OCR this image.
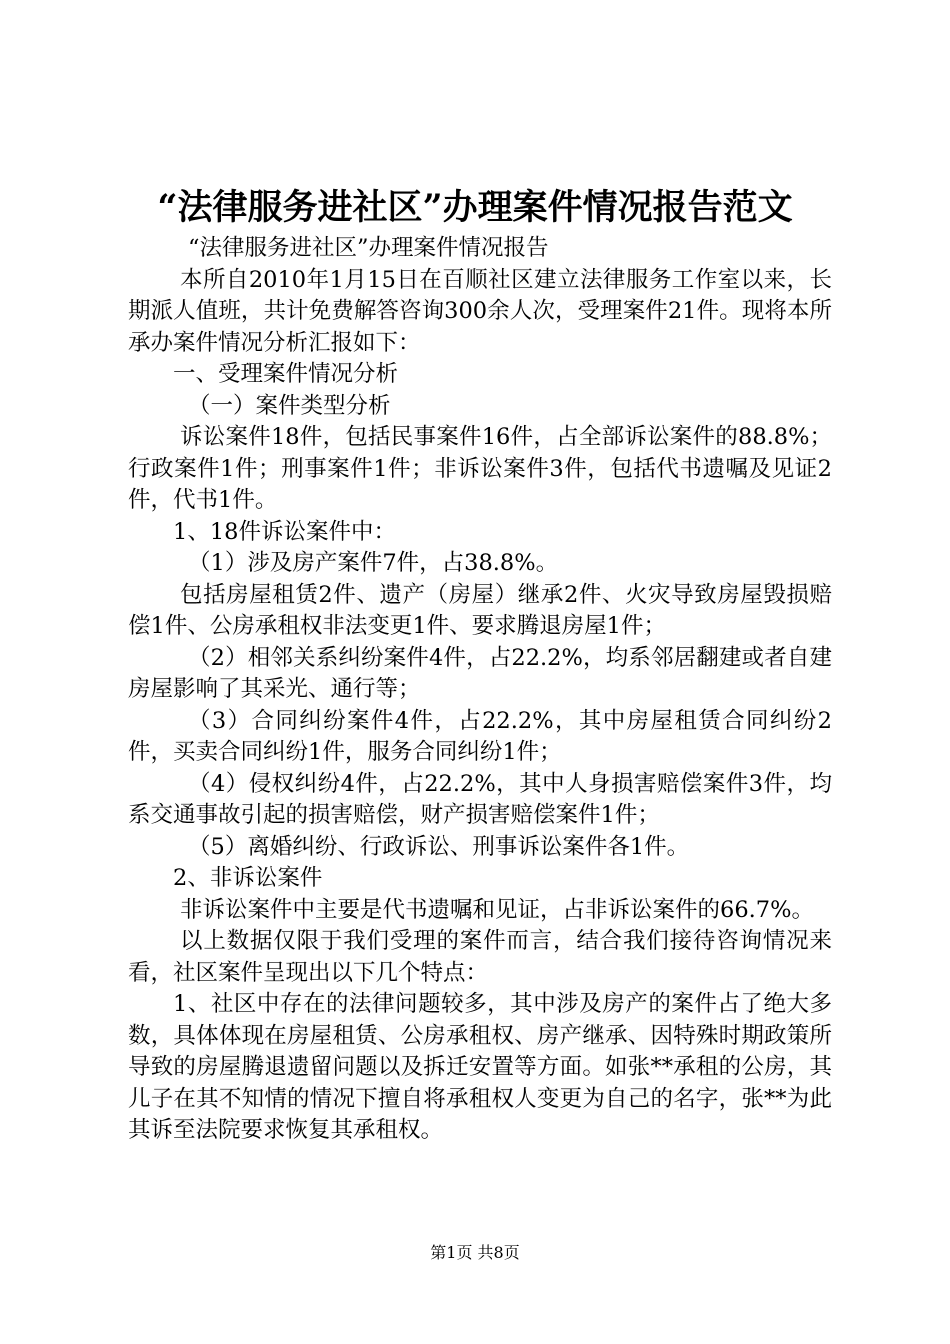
“法律服务进社区”办理案件情况报告范文

“法律服务进社区”办理案件情况报告

本所自2010年1月15日在百顺社区建立法律服务工作室以来，长期派人值班，共计免费解答咨询300余人次，受理案件21件。现将本所承办案件情况分析汇报如下：

一、受理案件情况分析

（一）案件类型分析

诉讼案件18件，包括民事案件16件，占全部诉讼案件的88.8%；行政案件1件；刑事案件1件；非诉讼案件3件，包括代书遗嘱及见证2件，代书1件。

1、18件诉讼案件中：

（1）涉及房产案件7件，占38.8%。

包括房屋租赁2件、遗产（房屋）继承2件、火灾导致房屋毁损赔偿1件、公房承租权非法变更1件、要求腾退房屋1件；

（2）相邻关系纠纷案件4件，占22.2%，均系邻居翻建或者自建房屋影响了其采光、通行等；

（3）合同纠纷案件4件，占22.2%，其中房屋租赁合同纠纷2件，买卖合同纠纷1件，服务合同纠纷1件；

（4）侵权纠纷4件，占22.2%，其中人身损害赔偿案件3件，均系交通事故引起的损害赔偿，财产损害赔偿案件1件；

（5）离婚纠纷、行政诉讼、刑事诉讼案件各1件。

2、非诉讼案件

非诉讼案件中主要是代书遗嘱和见证，占非诉讼案件的66.7%。

以上数据仅限于我们受理的案件而言，结合我们接待咨询情况来看，社区案件呈现出以下几个特点：

1、社区中存在的法律问题较多，其中涉及房产的案件占了绝大多数，具体体现在房屋租赁、公房承租权、房产继承、因特殊时期政策所导致的房屋腾退遗留问题以及拆迁安置等方面。如张**承租的公房，其儿子在其不知情的情况下擅自将承租权人变更为自己的名字，张**为此其诉至法院要求恢复其承租权。

第1页 共8页
